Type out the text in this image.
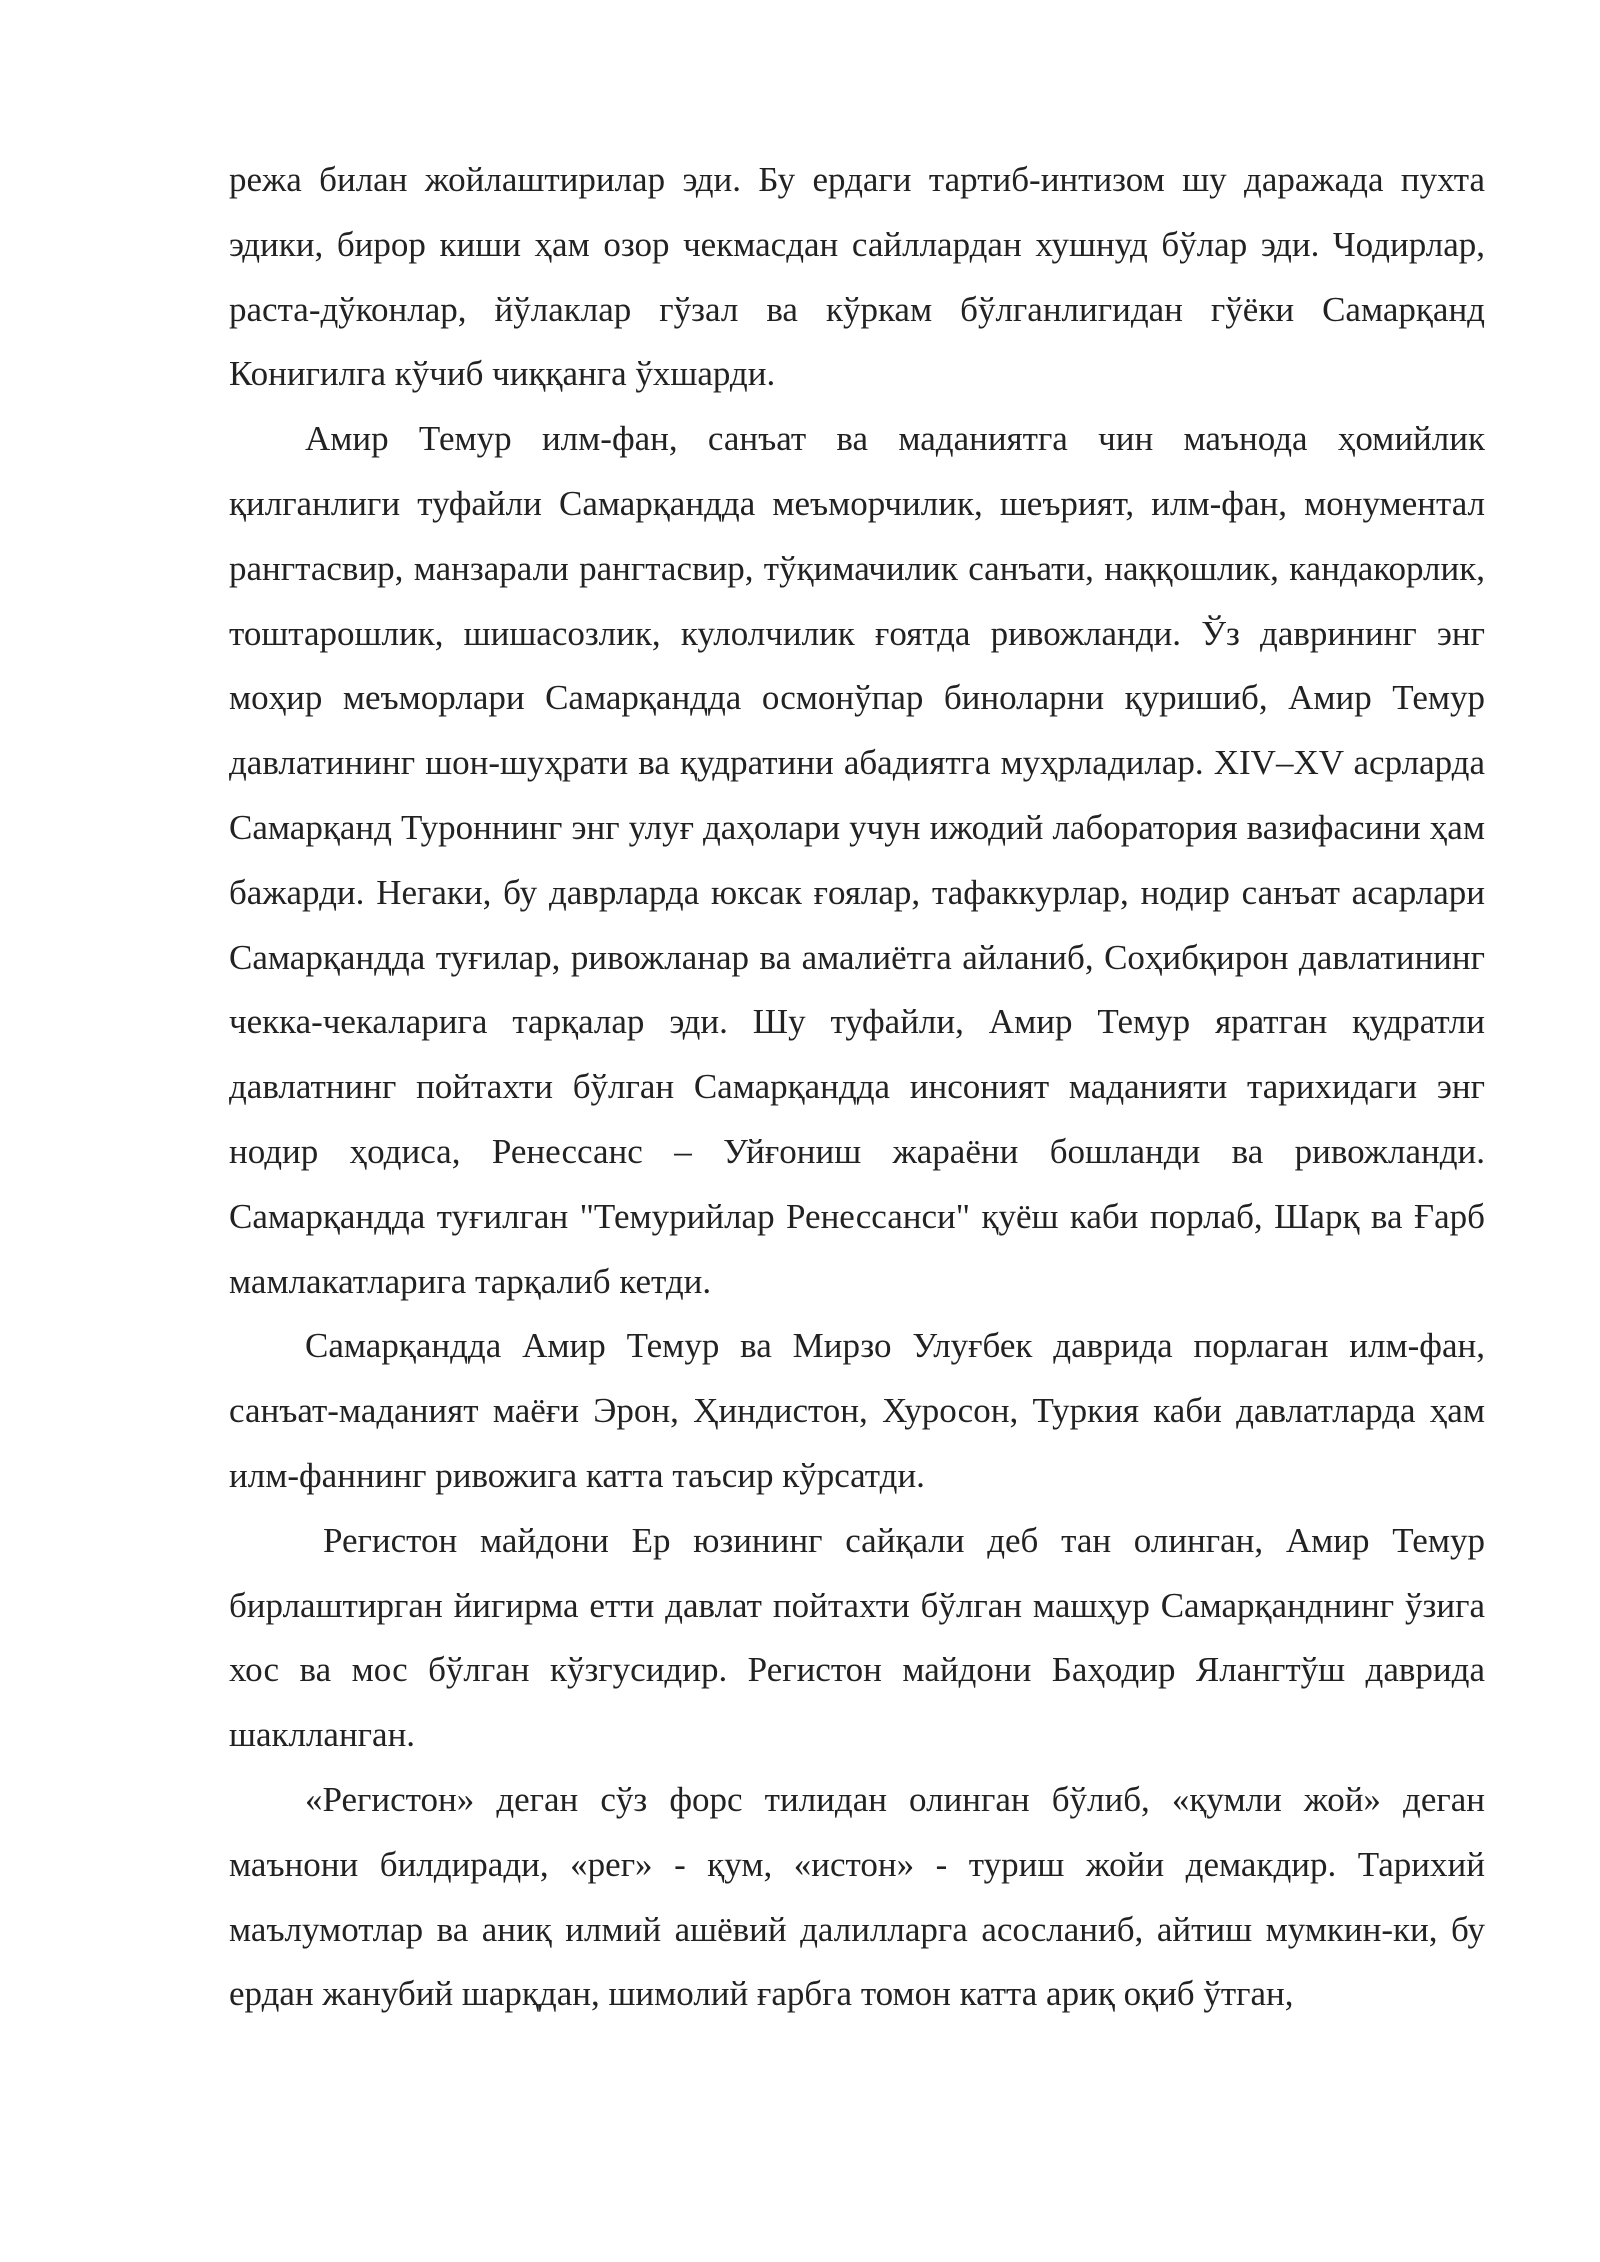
режа билан жойлаштирилар эди. Бу ердаги тартиб-интизом шу даражада пухта эдики, бирор киши ҳам озор чекмасдан сайллардан хушнуд бўлар эди. Чодирлар, раста-дўконлар, йўлаклар гўзал ва кўркам бўлганлигидан гўёки Самарқанд Конигилга кўчиб чиққанга ўхшарди.

Амир Темур илм-фан, санъат ва маданиятга чин маънода ҳомийлик қилганлиги туфайли Самарқандда меъморчилик, шеърият, илм-фан, монументал рангтасвир, манзарали рангтасвир, тўқимачилик санъати, наққошлик, кандакорлик, тоштарошлик, шишасозлик, кулолчилик ғоятда ривожланди. Ўз даврининг энг моҳир меъморлари Самарқандда осмонўпар биноларни қуришиб, Амир Темур давлатининг шон-шуҳрати ва қудратини абадиятга муҳрладилар. XIV–XV асрларда Самарқанд Туроннинг энг улуғ даҳолари учун ижодий лаборатория вазифасини ҳам бажарди. Негаки, бу даврларда юксак ғоялар, тафаккурлар, нодир санъат асарлари Самарқандда туғилар, ривожланар ва амалиётга айланиб, Соҳибқирон давлатининг чекка-чекаларига тарқалар эди. Шу туфайли, Амир Темур яратган қудратли давлатнинг пойтахти бўлган Самарқандда инсоният маданияти тарихидаги энг нодир ҳодиса, Ренессанс – Уйғониш жараёни бошланди ва ривожланди. Самарқандда туғилган "Темурийлар Ренессанси" қуёш каби порлаб, Шарқ ва Ғарб мамлакатларига тарқалиб кетди.

Самарқандда Амир Темур ва Мирзо Улуғбек даврида порлаган илм-фан, санъат-маданият маёғи Эрон, Ҳиндистон, Хуросон, Туркия каби давлатларда ҳам илм-фаннинг ривожига катта таъсир кўрсатди.

Регистон майдони Ер юзининг сайқали деб тан олинган, Амир Темур бирлаштирган йигирма етти давлат пойтахти бўлган машҳур Самарқанднинг ўзига хос ва мос бўлган кўзгусидир. Регистон майдони Баҳодир Ялангтўш даврида шаклланган.

«Регистон» деган сўз форс тилидан олинган бўлиб, «қумли жой» деган маънони билдиради, «рег» - қум, «истон» - туриш жойи демакдир. Тарихий маълумотлар ва аниқ илмий ашёвий далилларга асосланиб, айтиш мумкин-ки, бу ердан жанубий шарқдан, шимолий ғарбга томон катта ариқ оқиб ўтган,
